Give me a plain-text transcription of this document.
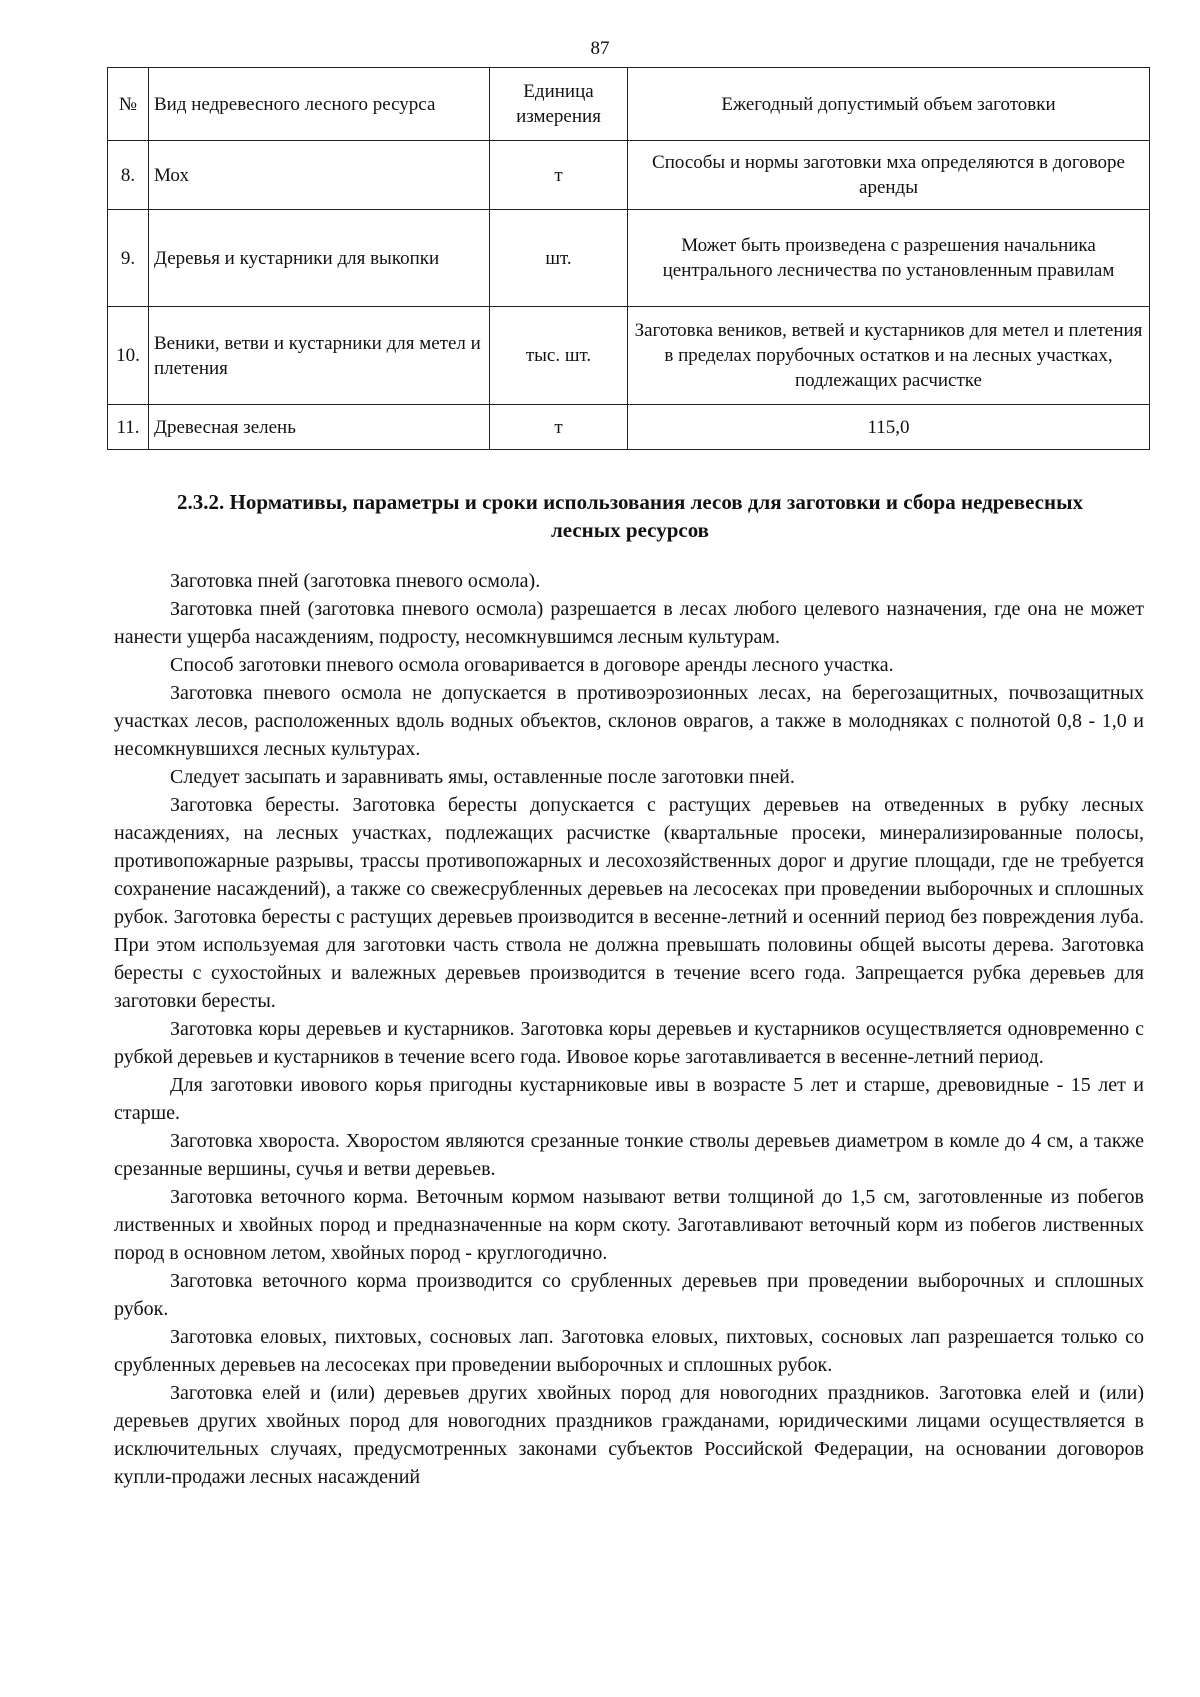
87
№	Вид недревесного лесного ресурса	Единица измерения	Ежегодный допустимый объем заготовки
8.	Мох	т	Способы и нормы заготовки мха определяются в договоре аренды
9.	Деревья и кустарники для выкопки	шт.	Может быть произведена с разрешения начальника центрального лесничества по установленным правилам
10.	Веники, ветви и кустарники для метел и плетения	тыс. шт.	Заготовка веников, ветвей и кустарников для метел и плетения в пределах порубочных остатков и на лесных участках, подлежащих расчистке
11.	Древесная зелень	т	115,0
2.3.2. Нормативы, параметры и сроки использования лесов для заготовки и сбора недревесных лесных ресурсов

Заготовка пней (заготовка пневого осмола).

Заготовка пней (заготовка пневого осмола) разрешается в лесах любого целевого назначения, где она не может нанести ущерба насаждениям, подросту, несомкнувшимся лесным культурам.

Способ заготовки пневого осмола оговаривается в договоре аренды лесного участка.

Заготовка пневого осмола не допускается в противоэрозионных лесах, на берегозащитных, почвозащитных участках лесов, расположенных вдоль водных объектов, склонов оврагов, а также в молодняках с полнотой 0,8 - 1,0 и несомкнувшихся лесных культурах.

Следует засыпать и заравнивать ямы, оставленные после заготовки пней.

Заготовка бересты. Заготовка бересты допускается с растущих деревьев на отведенных в рубку лесных насаждениях, на лесных участках, подлежащих расчистке (квартальные просеки, минерализированные полосы, противопожарные разрывы, трассы противопожарных и лесохозяйственных дорог и другие площади, где не требуется сохранение насаждений), а также со свежесрубленных деревьев на лесосеках при проведении выборочных и сплошных рубок. Заготовка бересты с растущих деревьев производится в весенне-летний и осенний период без повреждения луба. При этом используемая для заготовки часть ствола не должна превышать половины общей высоты дерева. Заготовка бересты с сухостойных и валежных деревьев производится в течение всего года. Запрещается рубка деревьев для заготовки бересты.

Заготовка коры деревьев и кустарников. Заготовка коры деревьев и кустарников осуществляется одновременно с рубкой деревьев и кустарников в течение всего года. Ивовое корье заготавливается в весенне-летний период.

Для заготовки ивового корья пригодны кустарниковые ивы в возрасте 5 лет и старше, древовидные - 15 лет и старше.

Заготовка хвороста. Хворостом являются срезанные тонкие стволы деревьев диаметром в комле до 4 см, а также срезанные вершины, сучья и ветви деревьев.

Заготовка веточного корма. Веточным кормом называют ветви толщиной до 1,5 см, заготовленные из побегов лиственных и хвойных пород и предназначенные на корм скоту. Заготавливают веточный корм из побегов лиственных пород в основном летом, хвойных пород - круглогодично.

Заготовка веточного корма производится со срубленных деревьев при проведении выборочных и сплошных рубок.

Заготовка еловых, пихтовых, сосновых лап. Заготовка еловых, пихтовых, сосновых лап разрешается только со срубленных деревьев на лесосеках при проведении выборочных и сплошных рубок.

Заготовка елей и (или) деревьев других хвойных пород для новогодних праздников. Заготовка елей и (или) деревьев других хвойных пород для новогодних праздников гражданами, юридическими лицами осуществляется в исключительных случаях, предусмотренных законами субъектов Российской Федерации, на основании договоров купли-продажи лесных насаждений
